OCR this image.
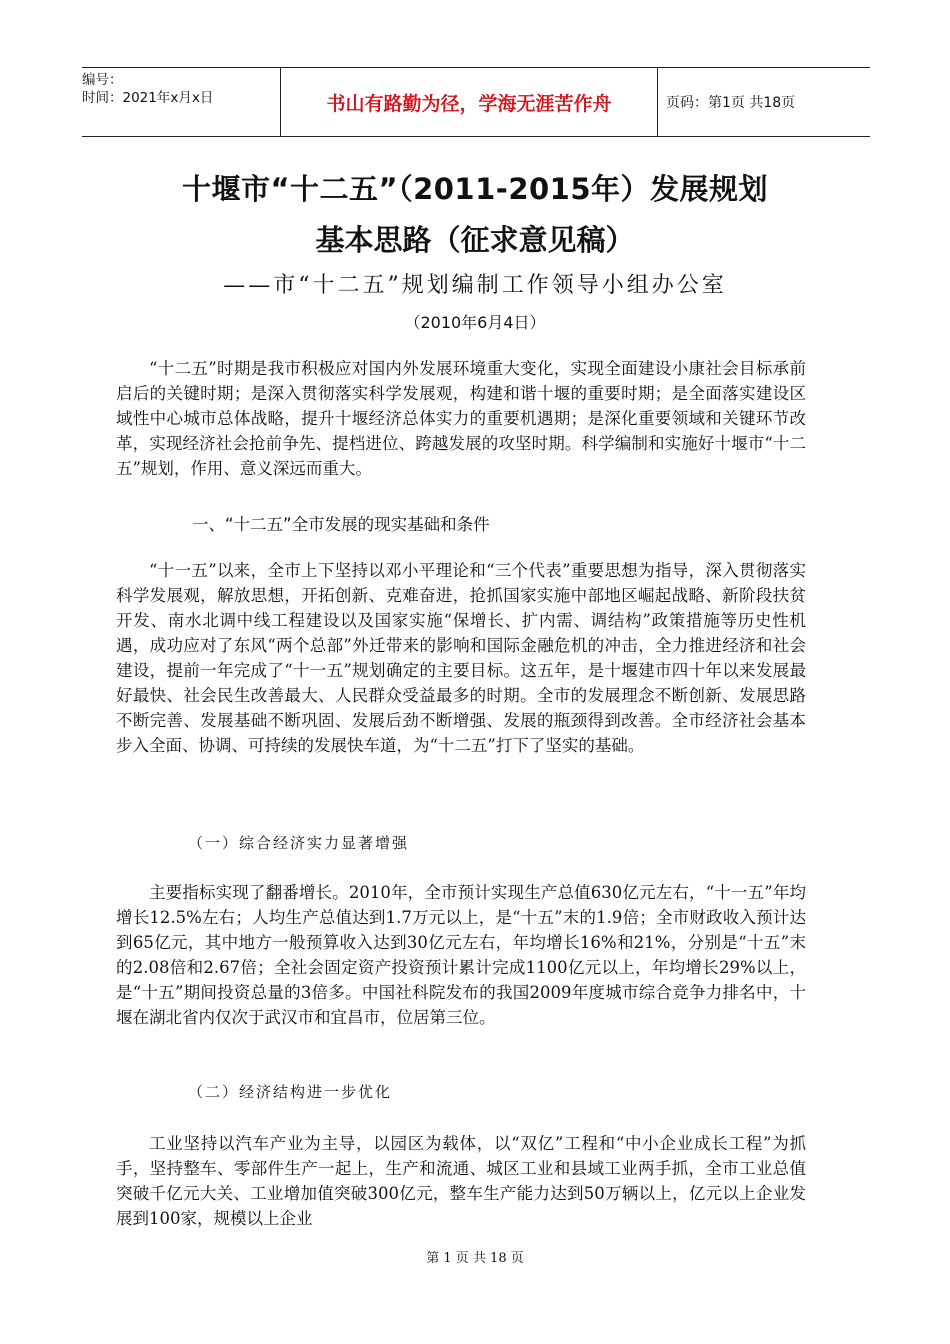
编号：
时间：2021年x月x日	书山有路勤为径，学海无涯苦作舟	页码：第1页 共18页
十堰市“十二五”（2011-2015年）发展规划
基本思路（征求意见稿）
——市“十二五”规划编制工作领导小组办公室
（2010年6月4日）
“十二五”时期是我市积极应对国内外发展环境重大变化，实现全面建设小康社会目标承前启后的关键时期；是深入贯彻落实科学发展观，构建和谐十堰的重要时期；是全面落实建设区域性中心城市总体战略，提升十堰经济总体实力的重要机遇期；是深化重要领域和关键环节改革，实现经济社会抢前争先、提档进位、跨越发展的攻坚时期。科学编制和实施好十堰市“十二五”规划，作用、意义深远而重大。
一、“十二五”全市发展的现实基础和条件
“十一五”以来，全市上下坚持以邓小平理论和“三个代表”重要思想为指导，深入贯彻落实科学发展观，解放思想，开拓创新、克难奋进，抢抓国家实施中部地区崛起战略、新阶段扶贫开发、南水北调中线工程建设以及国家实施“保增长、扩内需、调结构”政策措施等历史性机遇，成功应对了东风“两个总部”外迁带来的影响和国际金融危机的冲击，全力推进经济和社会建设，提前一年完成了“十一五”规划确定的主要目标。这五年，是十堰建市四十年以来发展最好最快、社会民生改善最大、人民群众受益最多的时期。全市的发展理念不断创新、发展思路不断完善、发展基础不断巩固、发展后劲不断增强、发展的瓶颈得到改善。全市经济社会基本步入全面、协调、可持续的发展快车道，为“十二五”打下了坚实的基础。
（一）综合经济实力显著增强
主要指标实现了翻番增长。2010年，全市预计实现生产总值630亿元左右，“十一五”年均增长12.5%左右；人均生产总值达到1.7万元以上，是“十五”末的1.9倍；全市财政收入预计达到65亿元，其中地方一般预算收入达到30亿元左右，年均增长16%和21%，分别是“十五”末的2.08倍和2.67倍；全社会固定资产投资预计累计完成1100亿元以上，年均增长29%以上，是“十五”期间投资总量的3倍多。中国社科院发布的我国2009年度城市综合竞争力排名中，十堰在湖北省内仅次于武汉市和宜昌市，位居第三位。
（二）经济结构进一步优化
工业坚持以汽车产业为主导，以园区为载体，以“双亿”工程和“中小企业成长工程”为抓手，坚持整车、零部件生产一起上，生产和流通、城区工业和县域工业两手抓，全市工业总值突破千亿元大关、工业增加值突破300亿元，整车生产能力达到50万辆以上，亿元以上企业发展到100家，规模以上企业
第 1 页 共 18 页
